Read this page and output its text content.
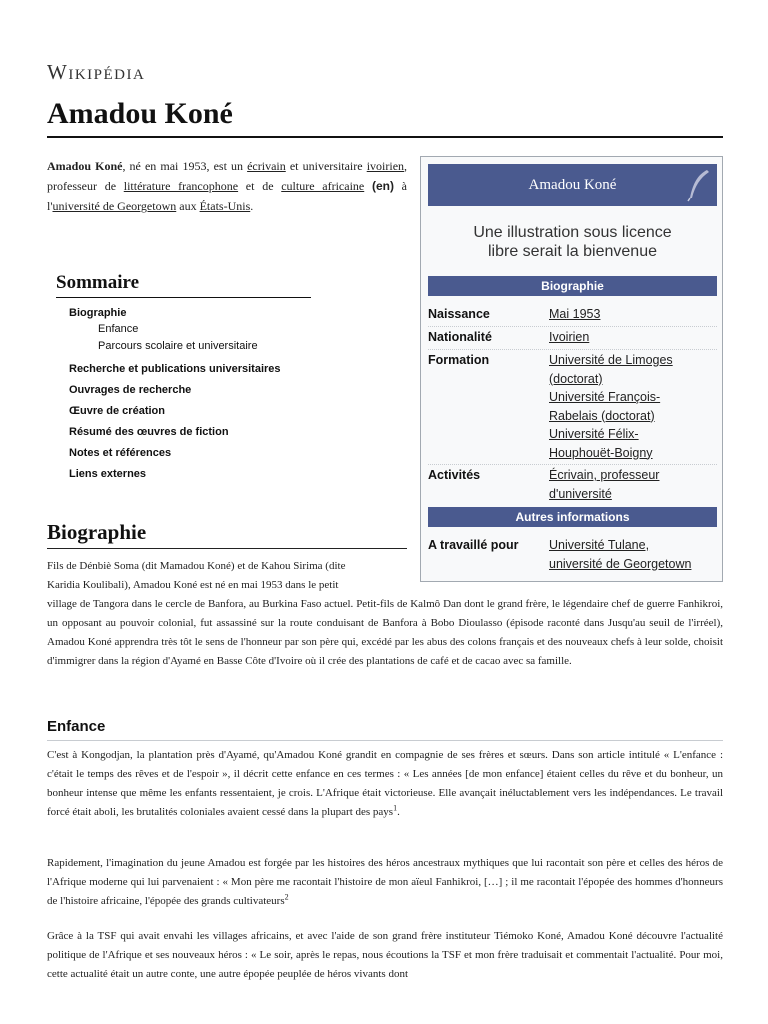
Wikipédia
Amadou Koné

Amadou Koné, né en mai 1953, est un écrivain et universitaire ivoirien, professeur de littérature francophone et de culture africaine (en) à l'université de Georgetown aux États-Unis.

Amadou Koné
Une illustration sous licence
libre serait la bienvenue
Biographie
Naissance	Mai 1953
Nationalité	Ivoirien
Formation	Université de Limoges
(doctorat)
Université François-
Rabelais (doctorat)
Université Félix-
Houphouët-Boigny
Activités	Écrivain, professeur
d'université
Autres informations
A travaillé pour	Université Tulane,
université de Georgetown
Sommaire
Biographie
Enfance
Parcours scolaire et universitaire
Recherche et publications universitaires
Ouvrages de recherche
Œuvre de création
Résumé des œuvres de fiction
Notes et références
Liens externes
Biographie

Fils de Dénbiè Soma (dit Mamadou Koné) et de Kahou Sirima (dite
Karidia Koulibali), Amadou Koné est né en mai 1953 dans le petit

village de Tangora dans le cercle de Banfora, au Burkina Faso actuel. Petit-fils de Kalmô Dan dont le grand frère, le légendaire chef de guerre Fanhikroi, un opposant au pouvoir colonial, fut assassiné sur la route conduisant de Banfora à Bobo Dioulasso (épisode raconté dans Jusqu'au seuil de l'irréel), Amadou Koné apprendra très tôt le sens de l'honneur par son père qui, excédé par les abus des colons français et des nouveaux chefs à leur solde, choisit d'immigrer dans la région d'Ayamé en Basse Côte d'Ivoire où il crée des plantations de café et de cacao avec sa famille.

Enfance

C'est à Kongodjan, la plantation près d'Ayamé, qu'Amadou Koné grandit en compagnie de ses frères et sœurs. Dans son article intitulé « L'enfance : c'était le temps des rêves et de l'espoir », il décrit cette enfance en ces termes : « Les années [de mon enfance] étaient celles du rêve et du bonheur, un bonheur intense que même les enfants ressentaient, je crois. L'Afrique était victorieuse. Elle avançait inéluctablement vers les indépendances. Le travail forcé était aboli, les brutalités coloniales avaient cessé dans la plupart des pays$^1$.

Rapidement, l'imagination du jeune Amadou est forgée par les histoires des héros ancestraux mythiques que lui racontait son père et celles des héros de l'Afrique moderne qui lui parvenaient : « Mon père me racontait l'histoire de mon aïeul Fanhikroi, […] ; il me racontait l'épopée des hommes d'honneurs de l'histoire africaine, l'épopée des grands cultivateurs$^2$

Grâce à la TSF qui avait envahi les villages africains, et avec l'aide de son grand frère instituteur Tiémoko Koné, Amadou Koné découvre l'actualité politique de l'Afrique et ses nouveaux héros : « Le soir, après le repas, nous écoutions la TSF et mon frère traduisait et commentait l'actualité. Pour moi, cette actualité était un autre conte, une autre épopée peuplée de héros vivants dont
